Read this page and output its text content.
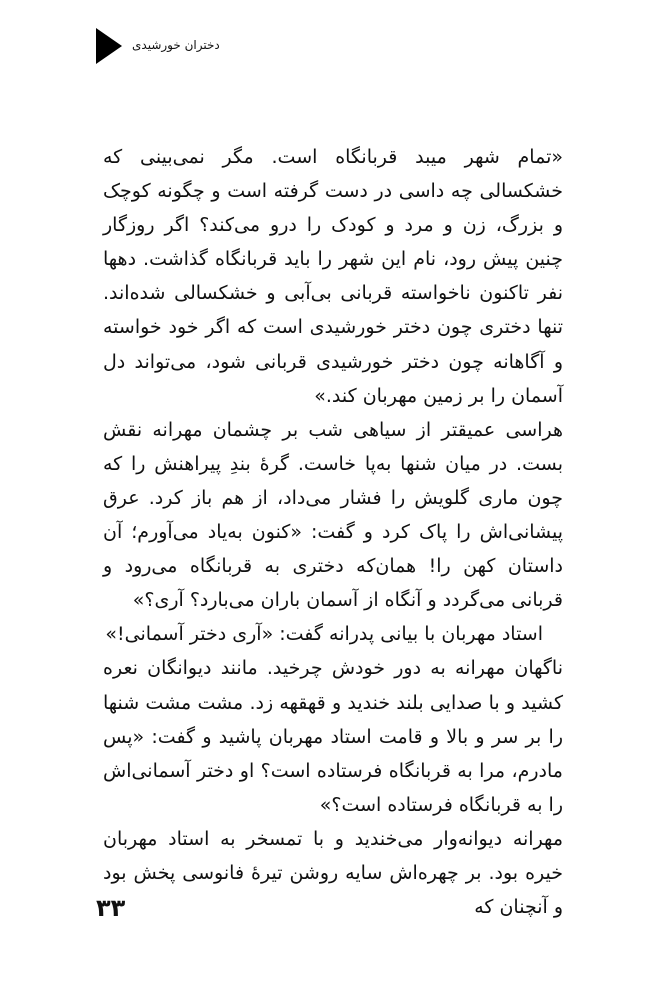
دختران خورشیدی

«تمام شهر میبد قربانگاه است. مگر نمی‌بینی که خشکسالی چه داسی در دست گرفته است و چگونه کوچک و بزرگ، زن و مرد و کودک را درو می‌کند؟ اگر روزگار چنین پیش رود، نام این شهر را باید قربانگاه گذاشت. دهها نفر تاکنون ناخواسته قربانی بی‌آبی و خشکسالی شده‌اند. تنها دختری چون دختر خورشیدی است که اگر خود خواسته و آگاهانه چون دختر خورشیدی قربانی شود، می‌تواند دل آسمان را بر زمین مهربان کند.»

هراسی عمیقتر از سیاهی شب بر چشمان مهرانه نقش بست. در میان شنها به‌پا خاست. گرهٔ بندِ پیراهنش را که چون ماری گلویش را فشار می‌داد، از هم باز کرد. عرق پیشانی‌اش را پاک کرد و گفت: «کنون به‌یاد می‌آورم؛ آن داستان کهن را! همان‌که دختری به قربانگاه می‌رود و قربانی می‌گردد و آنگاه از آسمان باران می‌بارد؟ آری؟»

استاد مهربان با بیانی پدرانه گفت: «آری دختر آسمانی!»

ناگهان مهرانه به دور خودش چرخید. مانند دیوانگان نعره کشید و با صدایی بلند خندید و قهقهه زد. مشت مشت شنها را بر سر و بالا و قامت استاد مهربان پاشید و گفت: «پس مادرم، مرا به قربانگاه فرستاده است؟ او دختر آسمانی‌اش را به قربانگاه فرستاده است؟»

مهرانه دیوانه‌وار می‌خندید و با تمسخر به استاد مهربان خیره بود. بر چهره‌اش سایه روشن تیرهٔ فانوسی پخش بود و آنچنان که

۳۳
